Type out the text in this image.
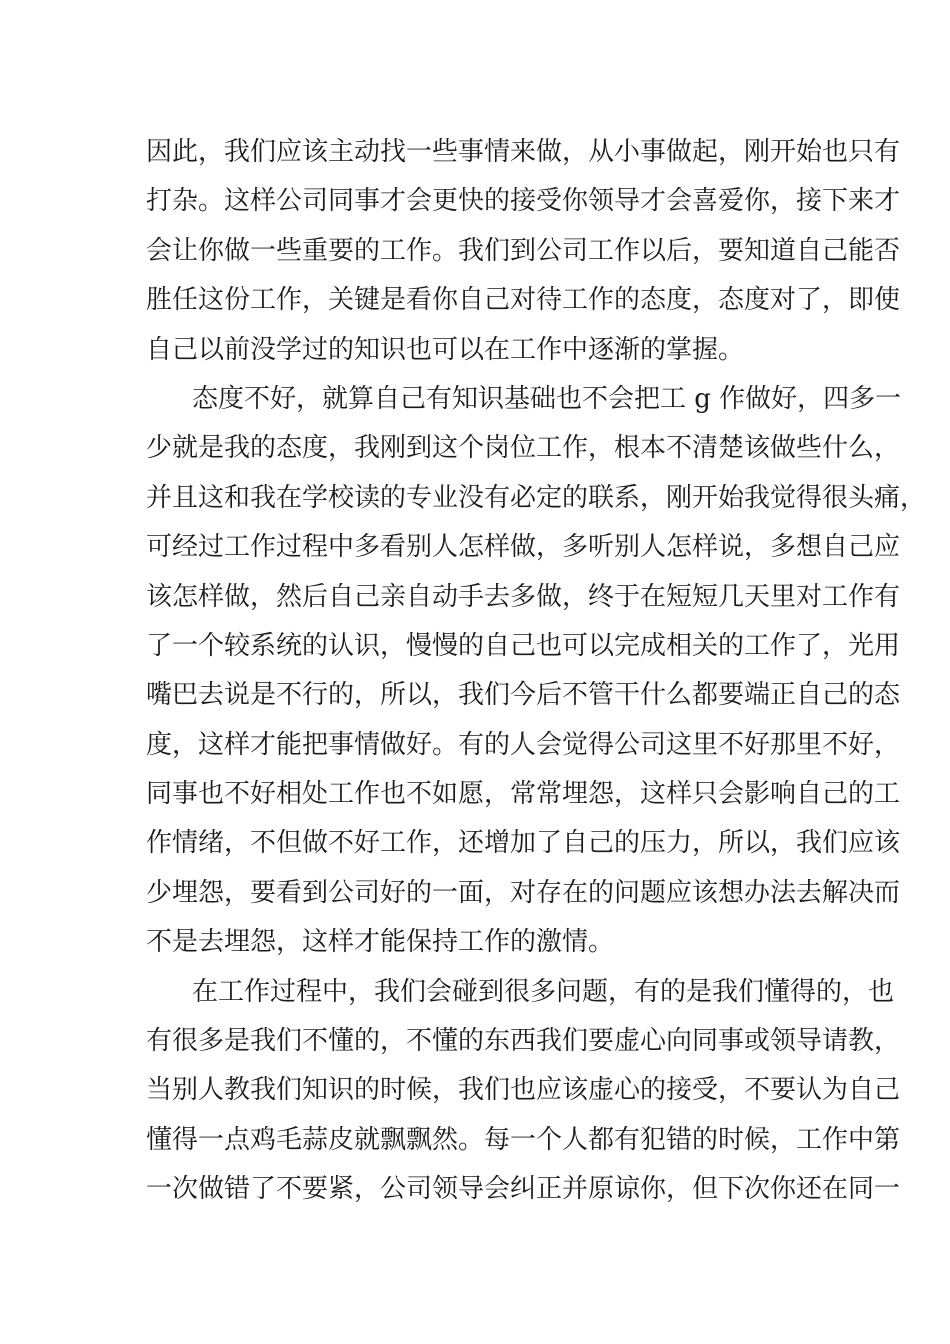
因此，我们应该主动找一些事情来做，从小事做起，刚开始也只有
打杂。这样公司同事才会更快的接受你领导才会喜爱你，接下来才
会让你做一些重要的工作。我们到公司工作以后，要知道自己能否
胜任这份工作，关键是看你自己对待工作的态度，态度对了，即使
自己以前没学过的知识也可以在工作中逐渐的掌握。
态度不好，就算自己有知识基础也不会把工 g 作做好，四多一
少就是我的态度，我刚到这个岗位工作，根本不清楚该做些什么，
并且这和我在学校读的专业没有必定的联系，刚开始我觉得很头痛，
可经过工作过程中多看别人怎样做，多听别人怎样说，多想自己应
该怎样做，然后自己亲自动手去多做，终于在短短几天里对工作有
了一个较系统的认识，慢慢的自己也可以完成相关的工作了，光用
嘴巴去说是不行的，所以，我们今后不管干什么都要端正自己的态
度，这样才能把事情做好。有的人会觉得公司这里不好那里不好，
同事也不好相处工作也不如愿，常常埋怨，这样只会影响自己的工
作情绪，不但做不好工作，还增加了自己的压力，所以，我们应该
少埋怨，要看到公司好的一面，对存在的问题应该想办法去解决而
不是去埋怨，这样才能保持工作的激情。
在工作过程中，我们会碰到很多问题，有的是我们懂得的，也
有很多是我们不懂的，不懂的东西我们要虚心向同事或领导请教，
当别人教我们知识的时候，我们也应该虚心的接受，不要认为自己
懂得一点鸡毛蒜皮就飘飘然。每一个人都有犯错的时候，工作中第
一次做错了不要紧，公司领导会纠正并原谅你，但下次你还在同一
